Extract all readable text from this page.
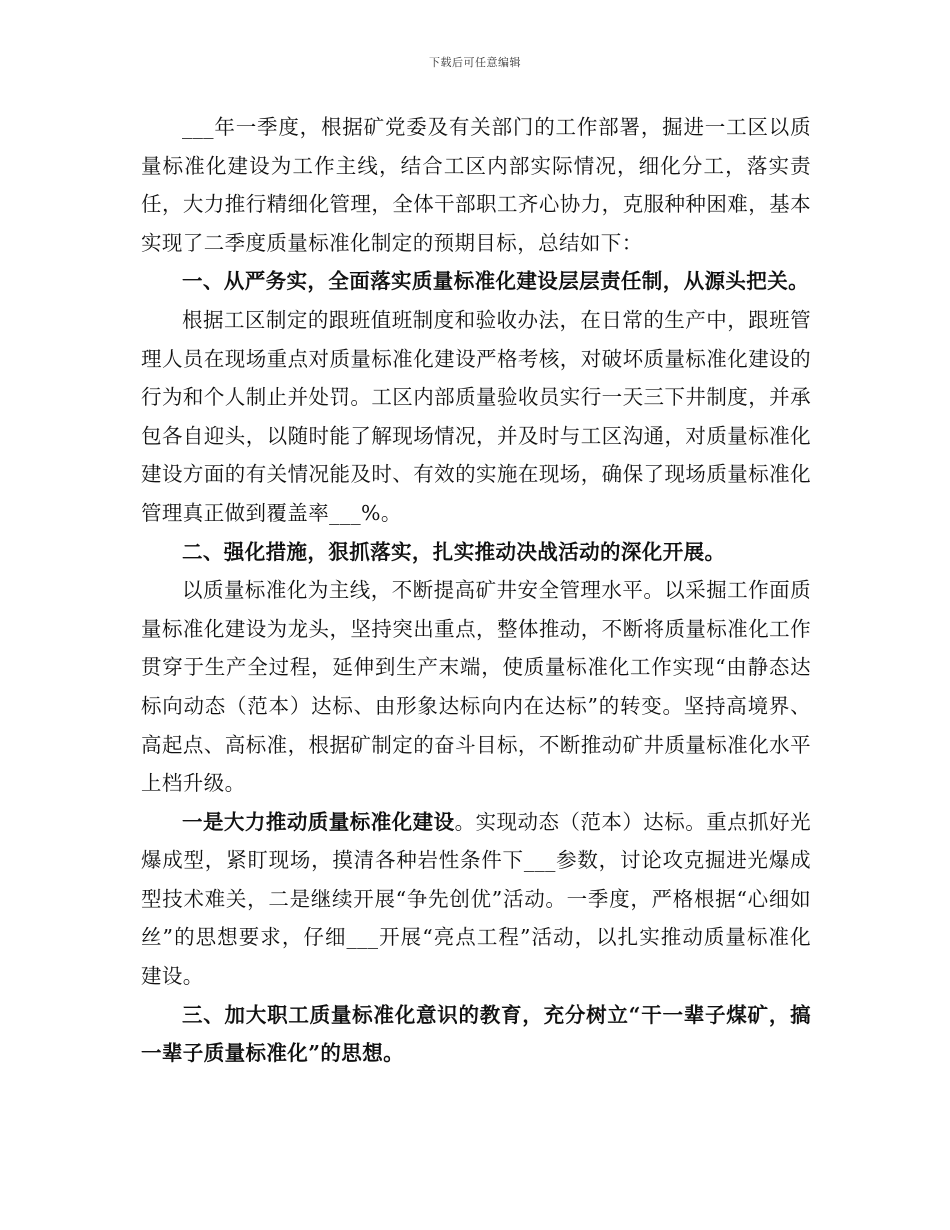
下载后可任意编辑

___年一季度，根据矿党委及有关部门的工作部署，掘进一工区以质量标准化建设为工作主线，结合工区内部实际情况，细化分工，落实责任，大力推行精细化管理，全体干部职工齐心协力，克服种种困难，基本实现了二季度质量标准化制定的预期目标，总结如下：

一、从严务实，全面落实质量标准化建设层层责任制，从源头把关。

根据工区制定的跟班值班制度和验收办法，在日常的生产中，跟班管理人员在现场重点对质量标准化建设严格考核，对破坏质量标准化建设的行为和个人制止并处罚。工区内部质量验收员实行一天三下井制度，并承包各自迎头，以随时能了解现场情况，并及时与工区沟通，对质量标准化建设方面的有关情况能及时、有效的实施在现场，确保了现场质量标准化管理真正做到覆盖率___%。

二、强化措施，狠抓落实，扎实推动决战活动的深化开展。

以质量标准化为主线，不断提高矿井安全管理水平。以采掘工作面质量标准化建设为龙头，坚持突出重点，整体推动，不断将质量标准化工作贯穿于生产全过程，延伸到生产末端，使质量标准化工作实现“由静态达标向动态（范本）达标、由形象达标向内在达标”的转变。坚持高境界、高起点、高标准，根据矿制定的奋斗目标，不断推动矿井质量标准化水平上档升级。

一是大力推动质量标准化建设。实现动态（范本）达标。重点抓好光爆成型，紧盯现场，摸清各种岩性条件下___参数，讨论攻克掘进光爆成型技术难关，二是继续开展“争先创优”活动。一季度，严格根据“心细如丝”的思想要求，仔细___开展“亮点工程”活动，以扎实推动质量标准化建设。

三、加大职工质量标准化意识的教育，充分树立“干一辈子煤矿，搞一辈子质量标准化”的思想。
